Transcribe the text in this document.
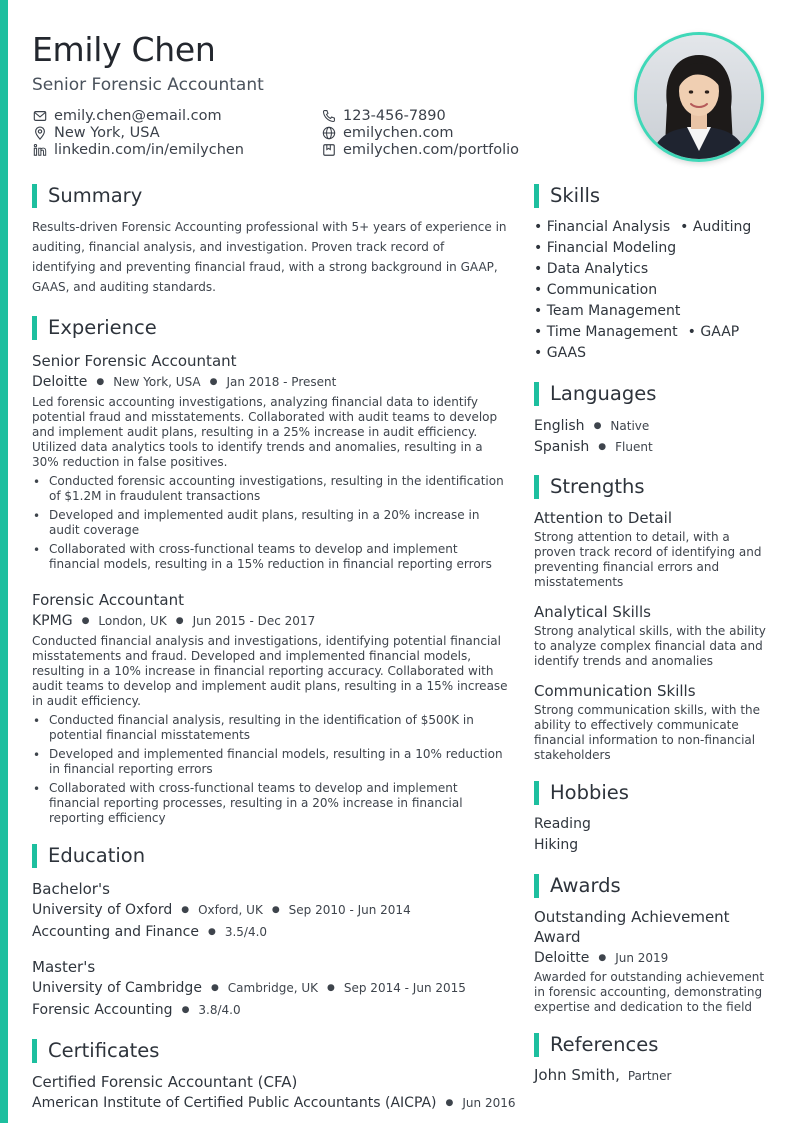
Emily Chen
Senior Forensic Accountant
emily.chen@email.com	123-456-7890
New York, USA	emilychen.com
linkedin.com/in/emilychen	emilychen.com/portfolio
Summary
Results-driven Forensic Accounting professional with 5+ years of experience in auditing, financial analysis, and investigation. Proven track record of identifying and preventing financial fraud, with a strong background in GAAP, GAAS, and auditing standards.
Experience
Senior Forensic Accountant
Deloitte ● New York, USA ● Jan 2018 - Present
Led forensic accounting investigations, analyzing financial data to identify potential fraud and misstatements. Collaborated with audit teams to develop and implement audit plans, resulting in a 25% increase in audit efficiency. Utilized data analytics tools to identify trends and anomalies, resulting in a 30% reduction in false positives.
• Conducted forensic accounting investigations, resulting in the identification of $1.2M in fraudulent transactions
• Developed and implemented audit plans, resulting in a 20% increase in audit coverage
• Collaborated with cross-functional teams to develop and implement financial models, resulting in a 15% reduction in financial reporting errors
Forensic Accountant
KPMG ● London, UK ● Jun 2015 - Dec 2017
Conducted financial analysis and investigations, identifying potential financial misstatements and fraud. Developed and implemented financial models, resulting in a 10% increase in financial reporting accuracy. Collaborated with audit teams to develop and implement audit plans, resulting in a 15% increase in audit efficiency.
• Conducted financial analysis, resulting in the identification of $500K in potential financial misstatements
• Developed and implemented financial models, resulting in a 10% reduction in financial reporting errors
• Collaborated with cross-functional teams to develop and implement financial reporting processes, resulting in a 20% increase in financial reporting efficiency
Education
Bachelor's
University of Oxford ● Oxford, UK ● Sep 2010 - Jun 2014
Accounting and Finance ● 3.5/4.0
Master's
University of Cambridge ● Cambridge, UK ● Sep 2014 - Jun 2015
Forensic Accounting ● 3.8/4.0
Certificates
Certified Forensic Accountant (CFA)
American Institute of Certified Public Accountants (AICPA) ● Jun 2016
Skills
• Financial Analysis	• Auditing
• Financial Modeling
• Data Analytics
• Communication
• Team Management
• Time Management	• GAAP
• GAAS
Languages
English ● Native
Spanish ● Fluent
Strengths
Attention to Detail
Strong attention to detail, with a proven track record of identifying and preventing financial errors and misstatements
Analytical Skills
Strong analytical skills, with the ability to analyze complex financial data and identify trends and anomalies
Communication Skills
Strong communication skills, with the ability to effectively communicate financial information to non-financial stakeholders
Hobbies
Reading
Hiking
Awards
Outstanding Achievement Award
Deloitte ● Jun 2019
Awarded for outstanding achievement in forensic accounting, demonstrating expertise and dedication to the field
References
John Smith, Partner
